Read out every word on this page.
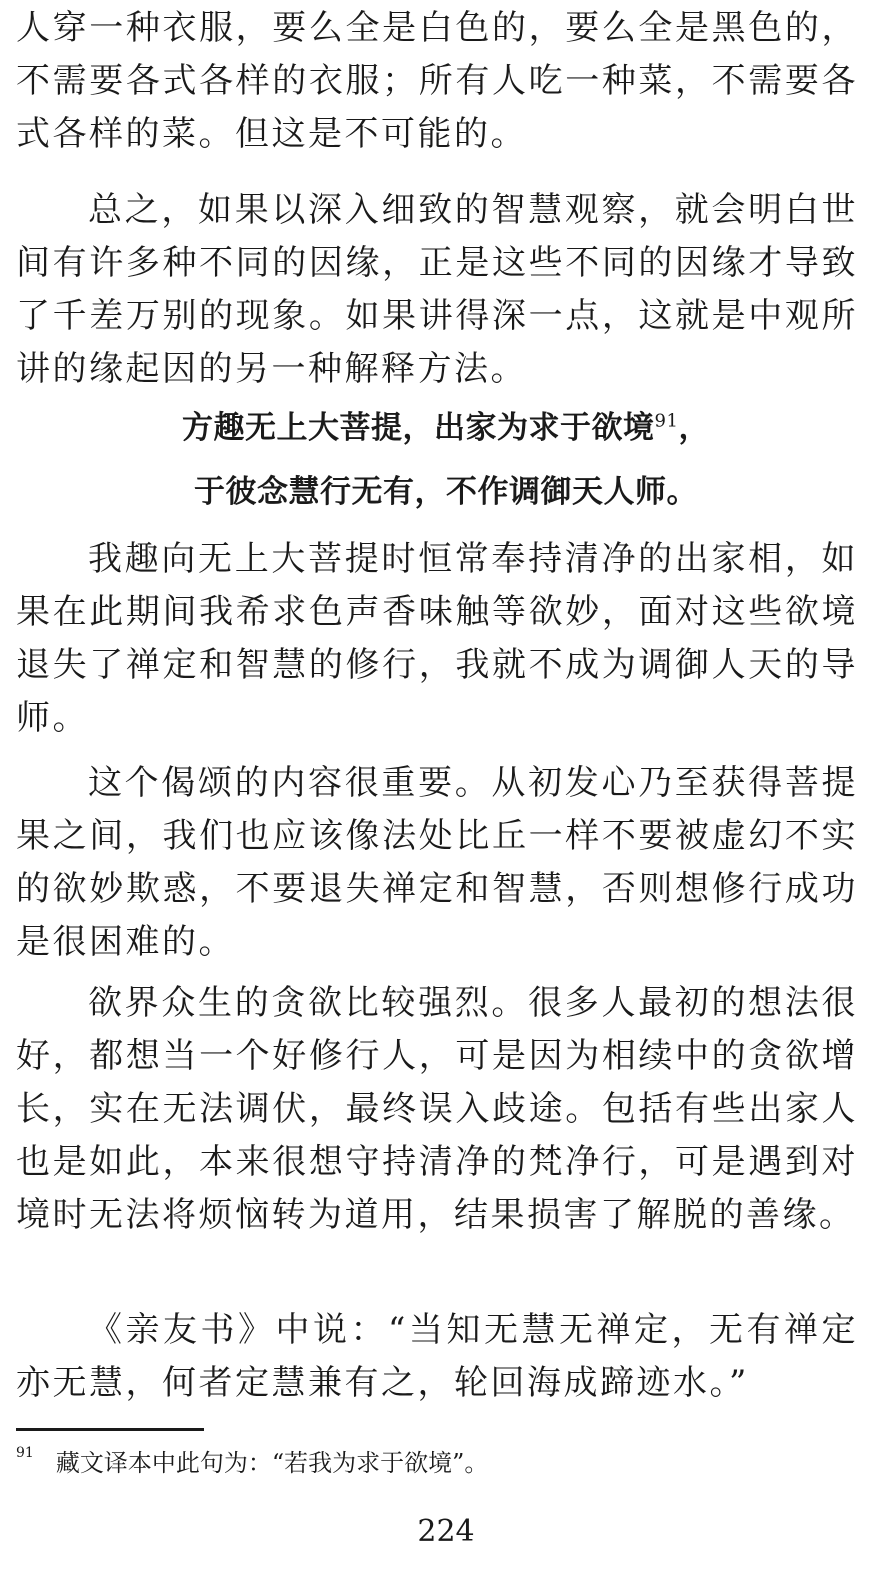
人穿一种衣服，要么全是白色的，要么全是黑色的，不需要各式各样的衣服；所有人吃一种菜，不需要各式各样的菜。但这是不可能的。

总之，如果以深入细致的智慧观察，就会明白世间有许多种不同的因缘，正是这些不同的因缘才导致了千差万别的现象。如果讲得深一点，这就是中观所讲的缘起因的另一种解释方法。

方趣无上大菩提，出家为求于欲境$^{91}$，
于彼念慧行无有，不作调御天人师。

我趣向无上大菩提时恒常奉持清净的出家相，如果在此期间我希求色声香味触等欲妙，面对这些欲境退失了禅定和智慧的修行，我就不成为调御人天的导师。

这个偈颂的内容很重要。从初发心乃至获得菩提果之间，我们也应该像法处比丘一样不要被虚幻不实的欲妙欺惑，不要退失禅定和智慧，否则想修行成功是很困难的。

欲界众生的贪欲比较强烈。很多人最初的想法很好，都想当一个好修行人，可是因为相续中的贪欲增长，实在无法调伏，最终误入歧途。包括有些出家人也是如此，本来很想守持清净的梵净行，可是遇到对境时无法将烦恼转为道用，结果损害了解脱的善缘。

《亲友书》中说：“当知无慧无禅定，无有禅定亦无慧，何者定慧兼有之，轮回海成蹄迹水。”

$^{91}$ 藏文译本中此句为：“若我为求于欲境”。

224
